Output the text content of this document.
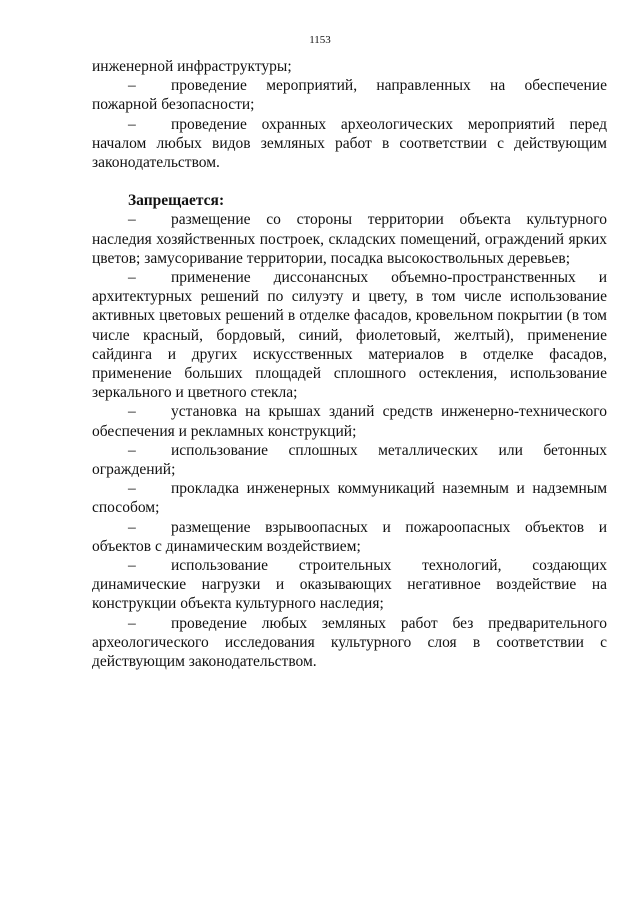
1153

инженерной инфраструктуры;

– проведение мероприятий, направленных на обеспечение пожарной безопасности;

– проведение охранных археологических мероприятий перед началом любых видов земляных работ в соответствии с действующим законодательством.

Запрещается:

– размещение со стороны территории объекта культурного наследия хозяйственных построек, складских помещений, ограждений ярких цветов; замусоривание территории, посадка высокоствольных деревьев;

– применение диссонансных объемно-пространственных и архитектурных решений по силуэту и цвету, в том числе использование активных цветовых решений в отделке фасадов, кровельном покрытии (в том числе красный, бордовый, синий, фиолетовый, желтый), применение сайдинга и других искусственных материалов в отделке фасадов, применение больших площадей сплошного остекления, использование зеркального и цветного стекла;

– установка на крышах зданий средств инженерно-технического обеспечения и рекламных конструкций;

– использование сплошных металлических или бетонных ограждений;

– прокладка инженерных коммуникаций наземным и надземным способом;

– размещение взрывоопасных и пожароопасных объектов и объектов с динамическим воздействием;

– использование строительных технологий, создающих динамические нагрузки и оказывающих негативное воздействие на конструкции объекта культурного наследия;

– проведение любых земляных работ без предварительного археологического исследования культурного слоя в соответствии с действующим законодательством.
